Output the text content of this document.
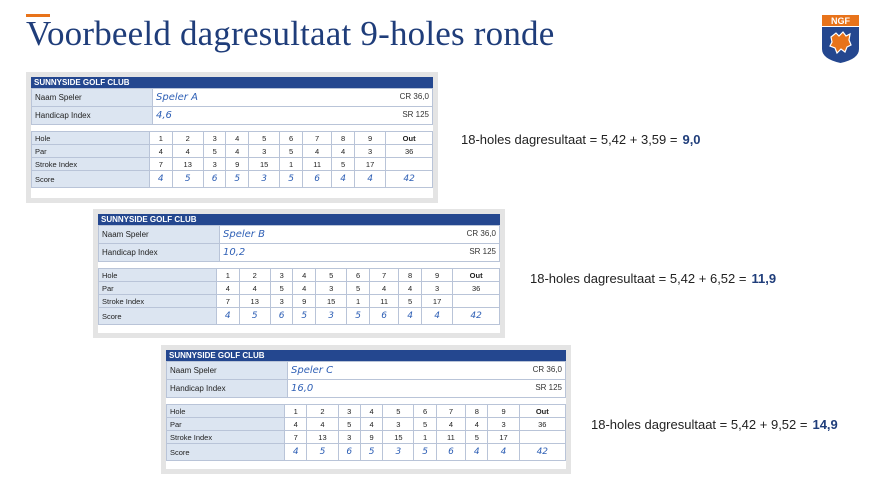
Voorbeeld dagresultaat 9-holes ronde	NGF
SUNNYSIDE GOLF CLUB
Naam Speler	Speler A CR 36,0

Handicap Index	4,6 SR 125
Hole	1	2	3	4	5	6	7	8	9	Out
Par	4	4	5	4	3	5	4	4	3	36
Stroke Index	7	13	3	9	15	1	11	5	17	
Score	4	5	6	5	3	5	6	4	4	42
18-holes dagresultaat = 5,42 + 3,59 = 9,0
SUNNYSIDE GOLF CLUB
Naam Speler	Speler B CR 36,0

Handicap Index	10,2 SR 125
Hole	1	2	3	4	5	6	7	8	9	Out
Par	4	4	5	4	3	5	4	4	3	36
Stroke Index	7	13	3	9	15	1	11	5	17	
Score	4	5	6	5	3	5	6	4	4	42
18-holes dagresultaat = 5,42 + 6,52 = 11,9
SUNNYSIDE GOLF CLUB
Naam Speler	Speler C CR 36,0

Handicap Index	16,0 SR 125
Hole	1	2	3	4	5	6	7	8	9	Out
Par	4	4	5	4	3	5	4	4	3	36
Stroke Index	7	13	3	9	15	1	11	5	17	
Score	4	5	6	5	3	5	6	4	4	42
18-holes dagresultaat = 5,42 + 9,52 = 14,9
